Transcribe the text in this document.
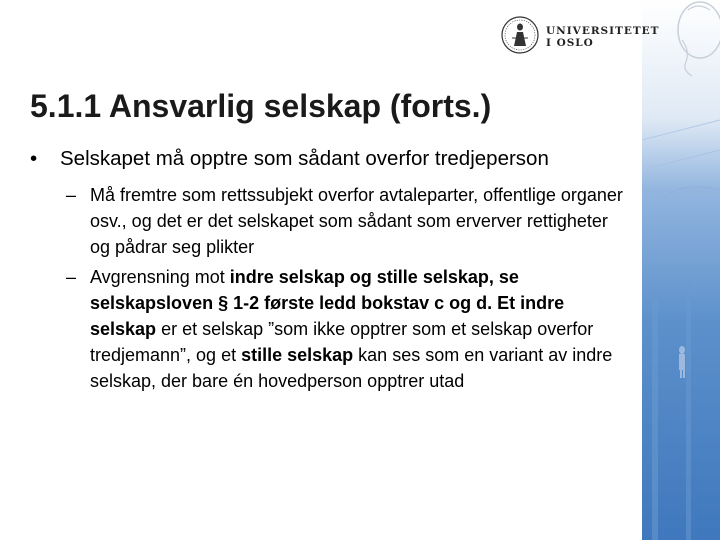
UNIVERSITETET
I OSLO
5.1.1 Ansvarlig selskap (forts.)
• Selskapet må opptre som sådant overfor tredjeperson
– Må fremtre som rettssubjekt overfor avtaleparter, offentlige organer osv., og det er det selskapet som sådant som erverver rettigheter og pådrar seg plikter
– Avgrensning mot indre selskap og stille selskap, se selskapsloven § 1-2 første ledd bokstav c og d. Et indre selskap er et selskap ”som ikke opptrer som et selskap overfor tredjemann”, og et stille selskap kan ses som en variant av indre selskap, der bare én hovedperson opptrer utad
